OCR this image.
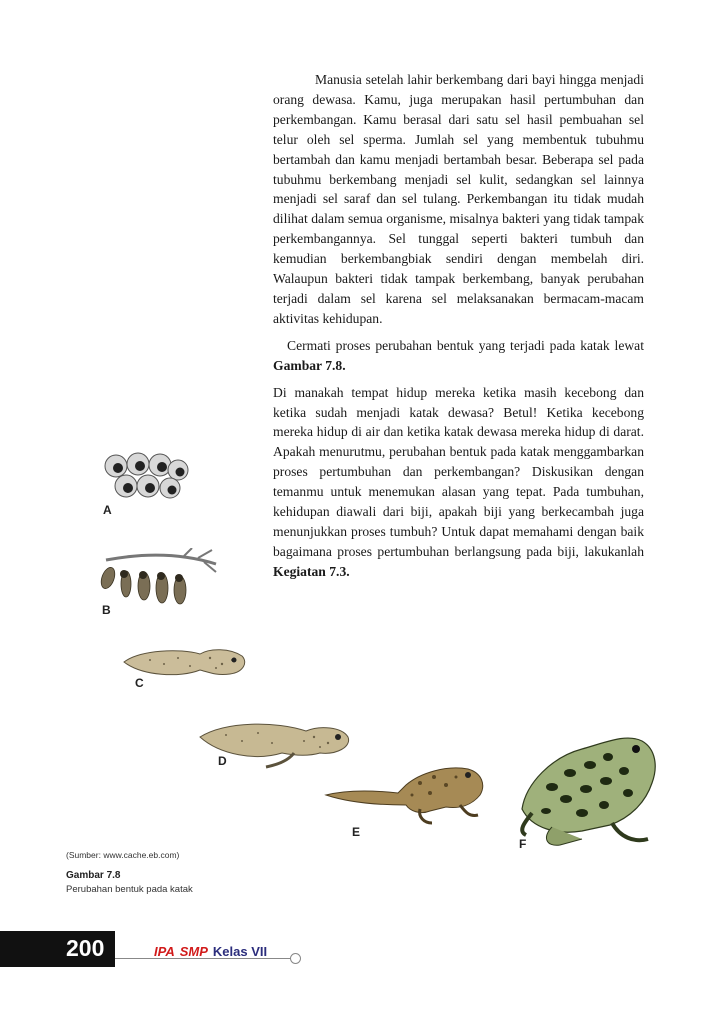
Manusia setelah lahir berkembang dari bayi hingga menjadi orang dewasa. Kamu, juga merupakan hasil pertumbuhan dan perkembangan. Kamu berasal dari satu sel hasil pembuahan sel telur oleh sel sperma. Jumlah sel yang membentuk tubuhmu bertambah dan kamu menjadi bertambah besar. Beberapa sel pada tubuhmu berkembang menjadi sel kulit, sedangkan sel lainnya menjadi sel saraf dan sel tulang. Perkembangan itu tidak mudah dilihat dalam semua organisme, misalnya bakteri yang tidak tampak perkembangannya. Sel tunggal seperti bakteri tumbuh dan kemudian berkembangbiak sendiri dengan membelah diri. Walaupun bakteri tidak tampak berkembang, banyak perubahan terjadi dalam sel karena sel melaksanakan bermacam-macam aktivitas kehidupan.

Cermati proses perubahan bentuk yang terjadi pada katak lewat Gambar 7.8.

Di manakah tempat hidup mereka ketika masih kecebong dan ketika sudah menjadi katak dewasa? Betul! Ketika kecebong mereka hidup di air dan ketika katak dewasa mereka hidup di darat. Apakah menurutmu, perubahan bentuk pada katak menggambarkan proses pertumbuhan dan perkembangan? Diskusikan dengan temanmu untuk menemukan alasan yang tepat. Pada tumbuhan, kehidupan diawali dari biji, apakah biji yang berkecambah juga menunjukkan proses tumbuh? Untuk dapat memahami dengan baik bagaimana proses pertumbuhan berlangsung pada biji, lakukanlah Kegiatan 7.3.

A
B
C
D
E
F
(Sumber: www.cache.eb.com)
Gambar 7.8
Perubahan bentuk pada katak
200	IPA SMP Kelas VII
